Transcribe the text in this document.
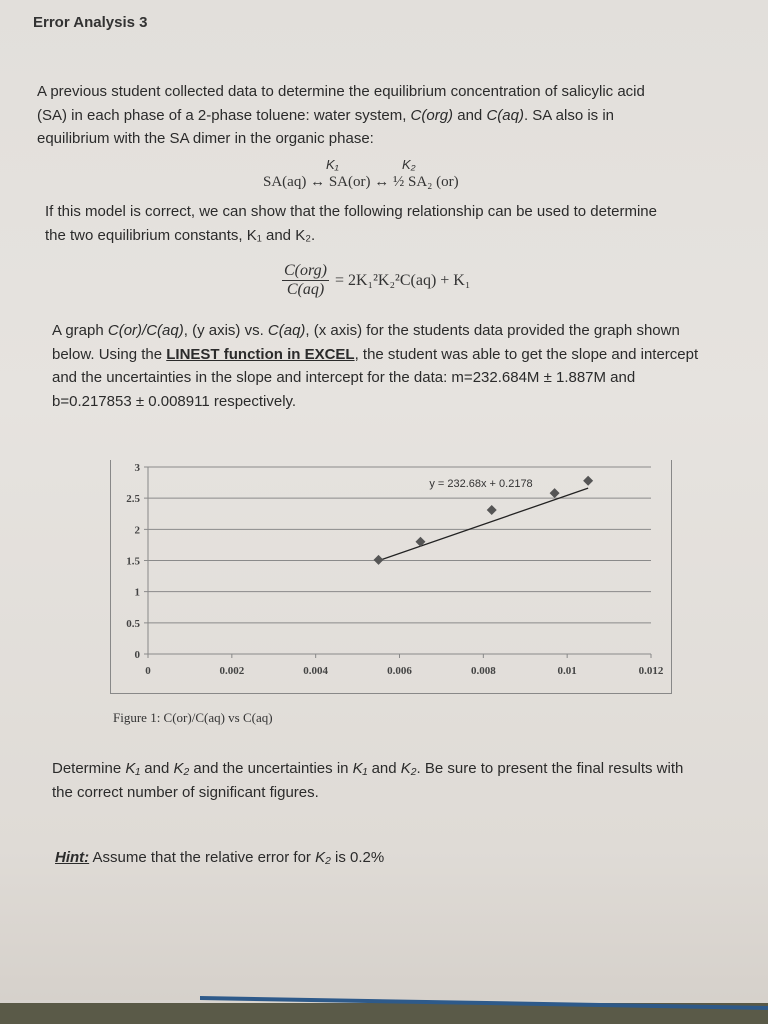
Error Analysis 3
A previous student collected data to determine the equilibrium concentration of salicylic acid
(SA) in each phase of a 2-phase toluene: water system, C(org) and C(aq). SA also is in
equilibrium with the SA dimer in the organic phase:
K₁	K₂
SA(aq) ↔ SA(or) ↔ ½ SA₂ (or)
If this model is correct, we can show that the following relationship can be used to determine
the two equilibrium constants, K₁ and K₂.
$\frac{\text{C(org)}}{C(aq)} = 2K_1^2K_2^2C(aq) + K_1$
A graph C(or)/C(aq), (y axis) vs. C(aq), (x axis) for the students data provided the graph shown
below. Using the LINEST function in EXCEL, the student was able to get the slope and intercept
and the uncertainties in the slope and intercept for the data: m=232.684M ± 1.887M and
b=0.217853 ± 0.008911 respectively.
0
0.5
1
1.5
2
2.5
3
0	0.002	0.004	0.006	0.008	0.01	0.012
y = 232.68x + 0.2178
Figure 1: C(or)/C(aq) vs C(aq)
Determine K₁ and K₂ and the uncertainties in K₁ and K₂. Be sure to present the final results with
the correct number of significant figures.
Hint: Assume that the relative error for K₂ is 0.2%
